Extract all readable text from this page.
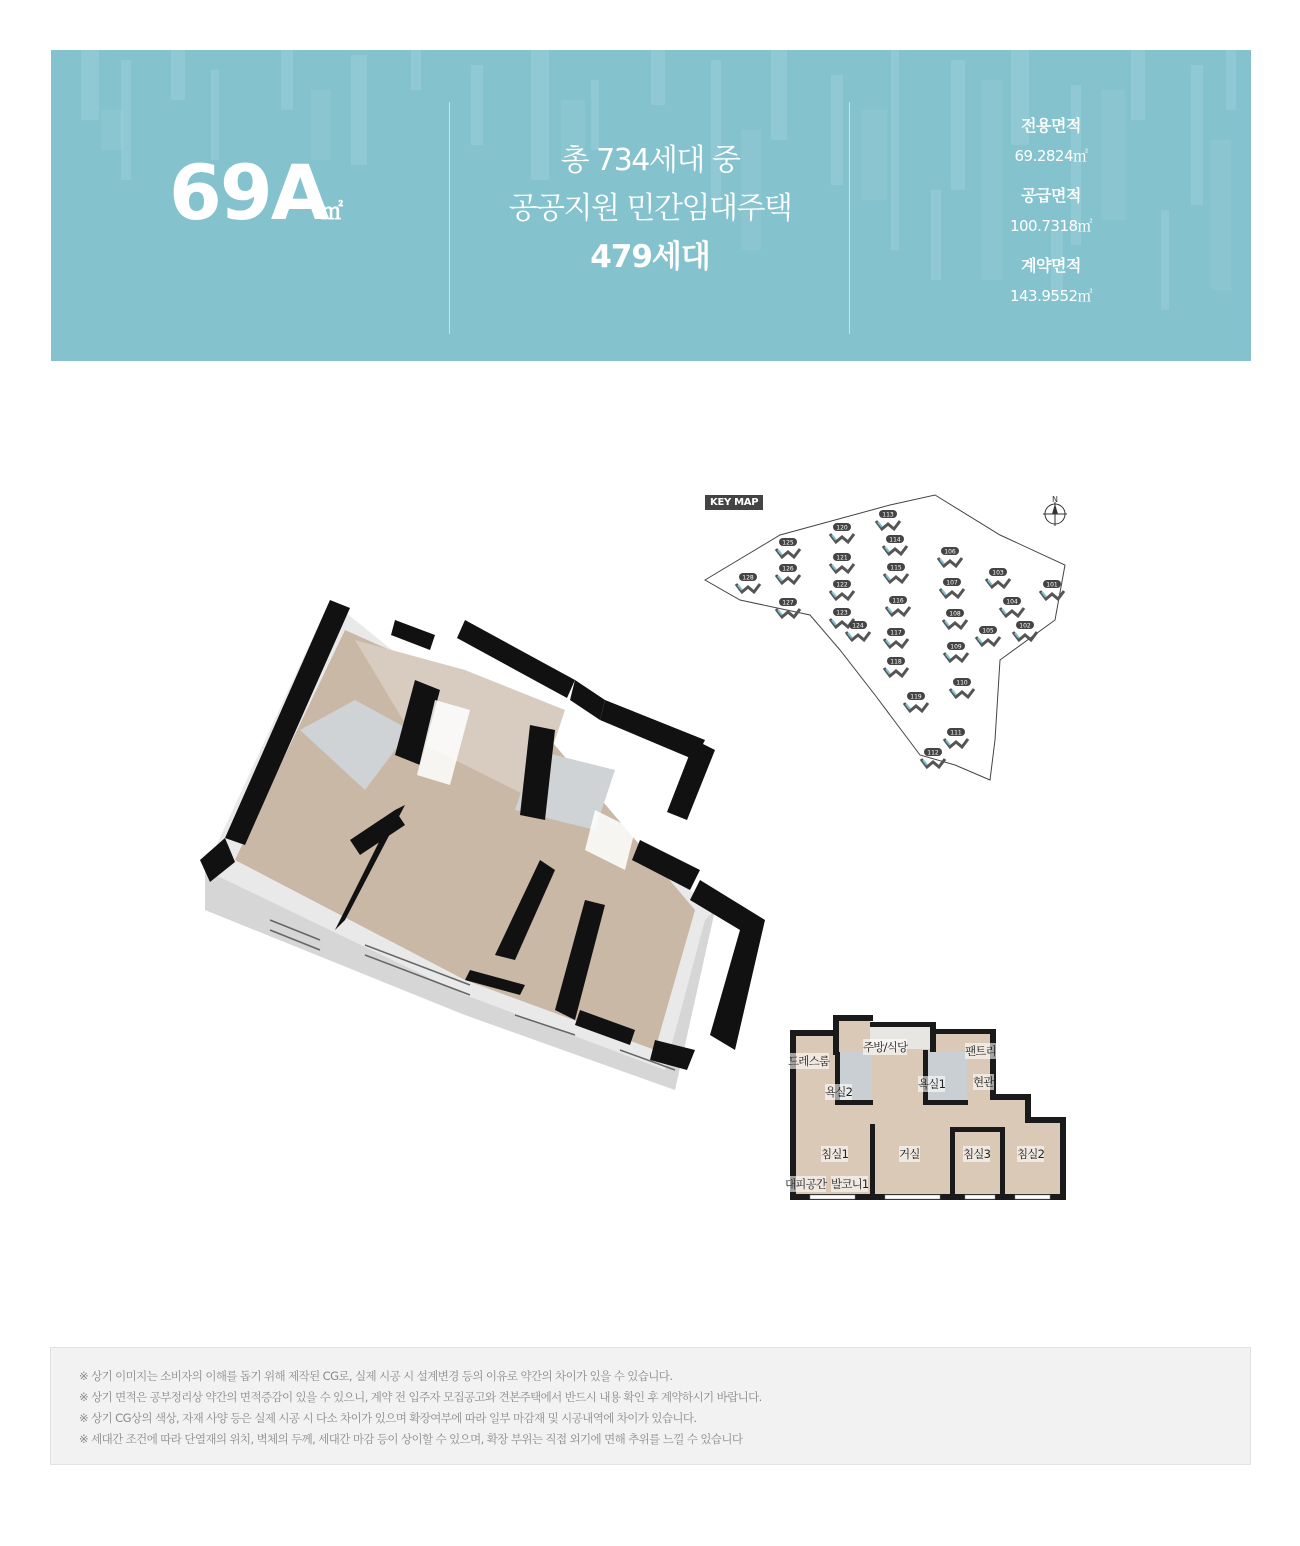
69A
㎡
총 734세대 중
공공지원 민간임대주택
479세대
전용면적
69.2824㎡
공급면적
100.7318㎡
계약면적
143.9552㎡
101
102
103
104
105
106
107
108
109
110
111
112
113
114
115
116
117
118
119
120
121
122
123
124
125
126
127
128
N
KEY MAP
드레스룸
주방/식당	팬트리
욕실2
욕실1 현관
침실1	거실	침실3 침실2
대피공간 발코니1

※ 상기 이미지는 소비자의 이해를 돕기 위해 제작된 CG로, 실제 시공 시 설계변경 등의 이유로 약간의 차이가 있을 수 있습니다.

※ 상기 면적은 공부정리상 약간의 면적증감이 있을 수 있으니, 계약 전 입주자 모집공고와 견본주택에서 반드시 내용 확인 후 계약하시기 바랍니다.

※ 상기 CG상의 색상, 자재 사양 등은 실제 시공 시 다소 차이가 있으며 확장여부에 따라 일부 마감재 및 시공내역에 차이가 있습니다.

※ 세대간 조건에 따라 단열재의 위치, 벽체의 두께, 세대간 마감 등이 상이할 수 있으며, 확장 부위는 직접 외기에 면해 추위를 느낄 수 있습니다
